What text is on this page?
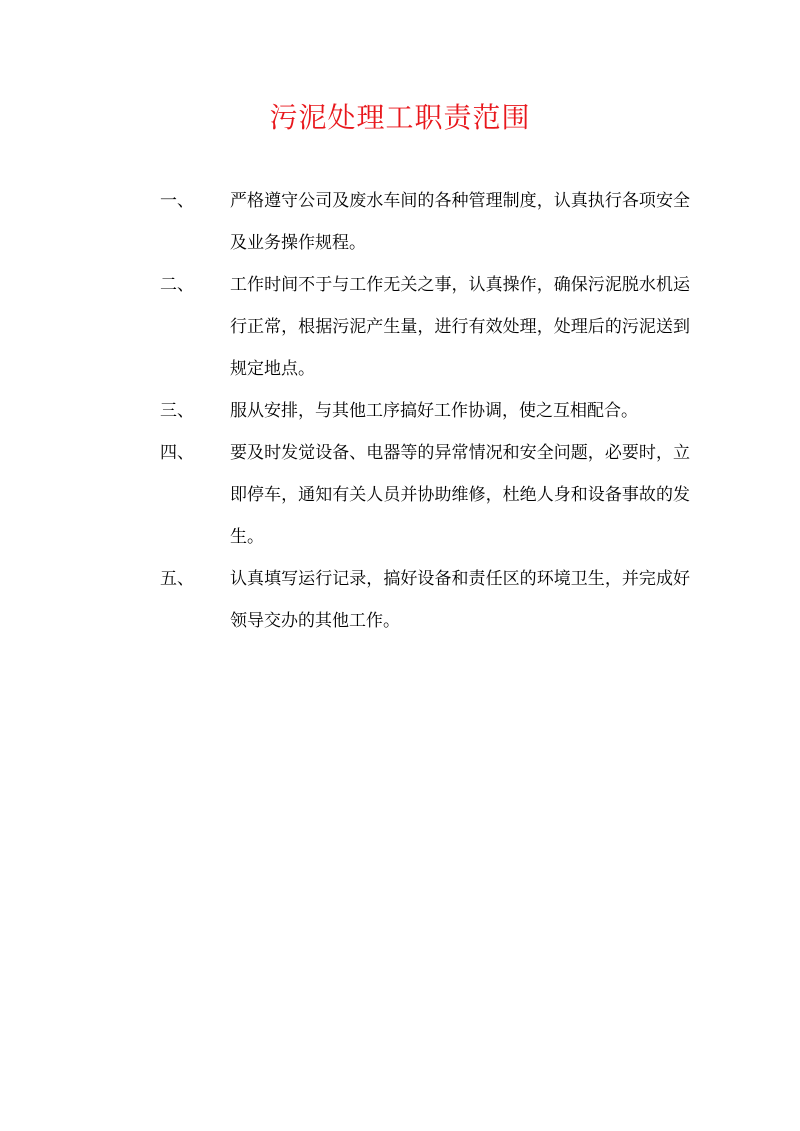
污泥处理工职责范围
一、	严格遵守公司及废水车间的各种管理制度，认真执行各项安全及业务操作规程。
二、	工作时间不于与工作无关之事，认真操作，确保污泥脱水机运行正常，根据污泥产生量，进行有效处理，处理后的污泥送到规定地点。
三、	服从安排，与其他工序搞好工作协调，使之互相配合。
四、	要及时发觉设备、电器等的异常情况和安全问题，必要时，立即停车，通知有关人员并协助维修，杜绝人身和设备事故的发生。
五、	认真填写运行记录，搞好设备和责任区的环境卫生，并完成好领导交办的其他工作。
